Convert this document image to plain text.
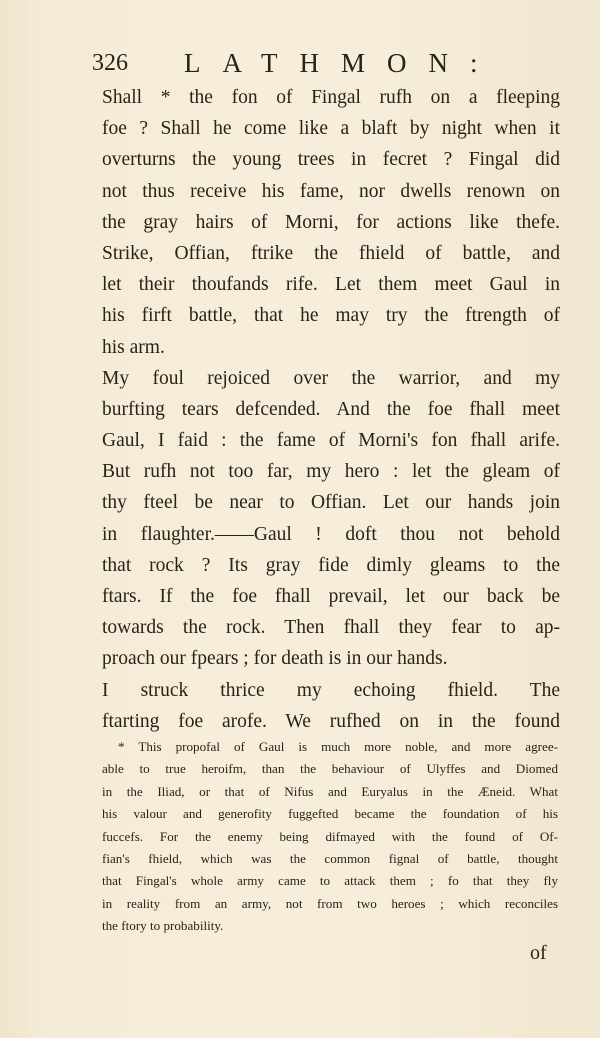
326 LATHMON:
Shall * the fon of Fingal rufh on a fleeping
foe ? Shall he come like a blaft by night when it
overturns the young trees in fecret ? Fingal did
not thus receive his fame, nor dwells renown on
the gray hairs of Morni, for actions like thefe.
Strike, Offian, ftrike the fhield of battle, and
let their thoufands rife. Let them meet Gaul in
his firft battle, that he may try the ftrength of
his arm.
My foul rejoiced over the warrior, and my
burfting tears defcended. And the foe fhall meet
Gaul, I faid : the fame of Morni's fon fhall arife.
But rufh not too far, my hero : let the gleam of
thy fteel be near to Offian. Let our hands join
in flaughter.——Gaul ! doft thou not behold
that rock ? Its gray fide dimly gleams to the
ftars. If the foe fhall prevail, let our back be
towards the rock. Then fhall they fear to ap-
proach our fpears ; for death is in our hands.
I struck thrice my echoing fhield. The
ftarting foe arofe. We rufhed on in the found
* This propofal of Gaul is much more noble, and more agree-
able to true heroifm, than the behaviour of Ulyffes and Diomed
in the Iliad, or that of Nifus and Euryalus in the Æneid. What
his valour and generofity fuggefted became the foundation of his
fuccefs. For the enemy being difmayed with the found of Of-
fian's fhield, which was the common fignal of battle, thought
that Fingal's whole army came to attack them ; fo that they fly
in reality from an army, not from two heroes ; which reconciles
the ftory to probability.
of
